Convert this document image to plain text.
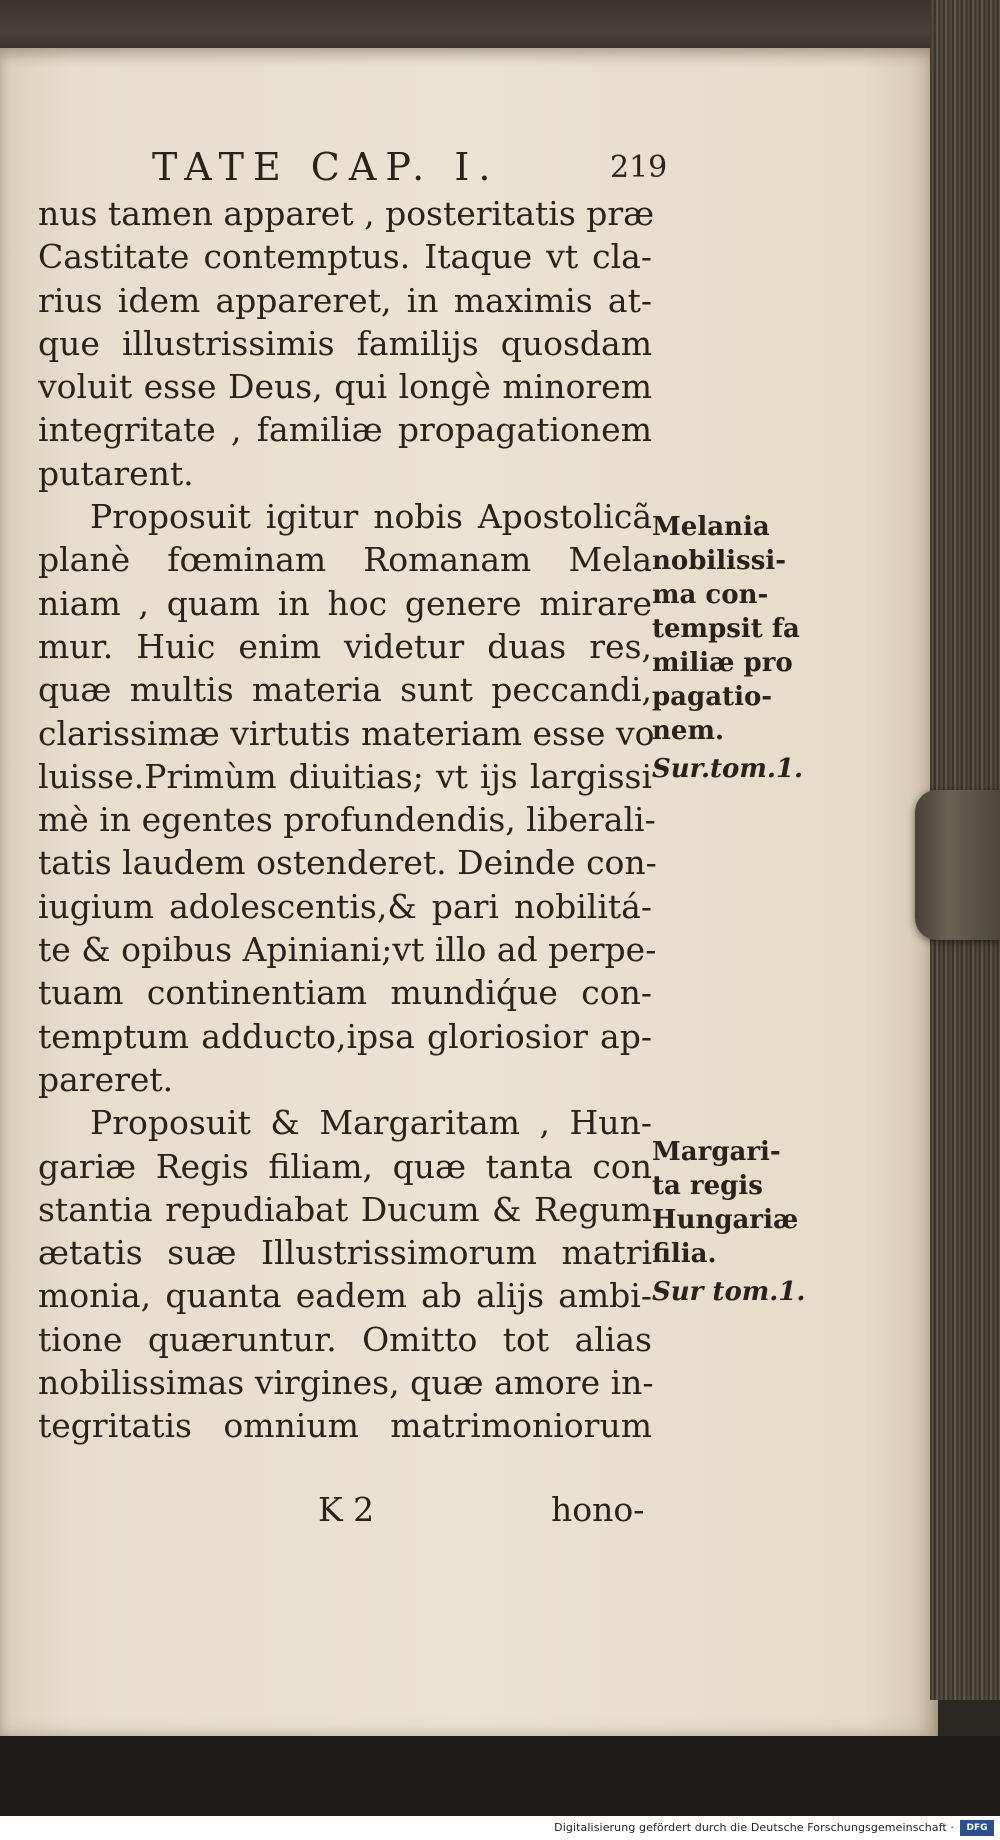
TATE CAP. I.	219
nus tamen apparet , posteritatis præ
Castitate contemptus. Itaque vt cla-
rius idem appareret, in maximis at-
que illustrissimis familijs quosdam
voluit esse Deus, qui longè minorem
integritate , familiæ propagationem
putarent.
Proposuit igitur nobis Apostolicã
planè fœminam Romanam Mela
niam , quam in hoc genere mirare
mur. Huic enim videtur duas res,
quæ multis materia sunt peccandi,
clarissimæ virtutis materiam esse vo
luisse.Primùm diuitias; vt ijs largissi
mè in egentes profundendis, liberali-
tatis laudem ostenderet. Deinde con-
iugium adolescentis,& pari nobilitá-
te & opibus Apiniani;vt illo ad perpe-
tuam continentiam mundiq́ue con-
temptum adducto,ipsa gloriosior ap-
pareret.
Proposuit & Margaritam , Hun-
gariæ Regis filiam, quæ tanta con
stantia repudiabat Ducum & Regum
ætatis suæ Illustrissimorum matri
monia, quanta eadem ab alijs ambi-
tione quæruntur. Omitto tot alias
nobilissimas virgines, quæ amore in-
tegritatis omnium matrimoniorum
Melania
nobilissi-
ma con-
tempsit fa
miliæ pro
pagatio-
nem.
Sur.tom.1.
Margari-
ta regis
Hungariæ
filia.
Sur tom.1.
K 2	hono-
Digitalisierung gefördert durch die Deutsche Forschungsgemeinschaft ·	DFG
